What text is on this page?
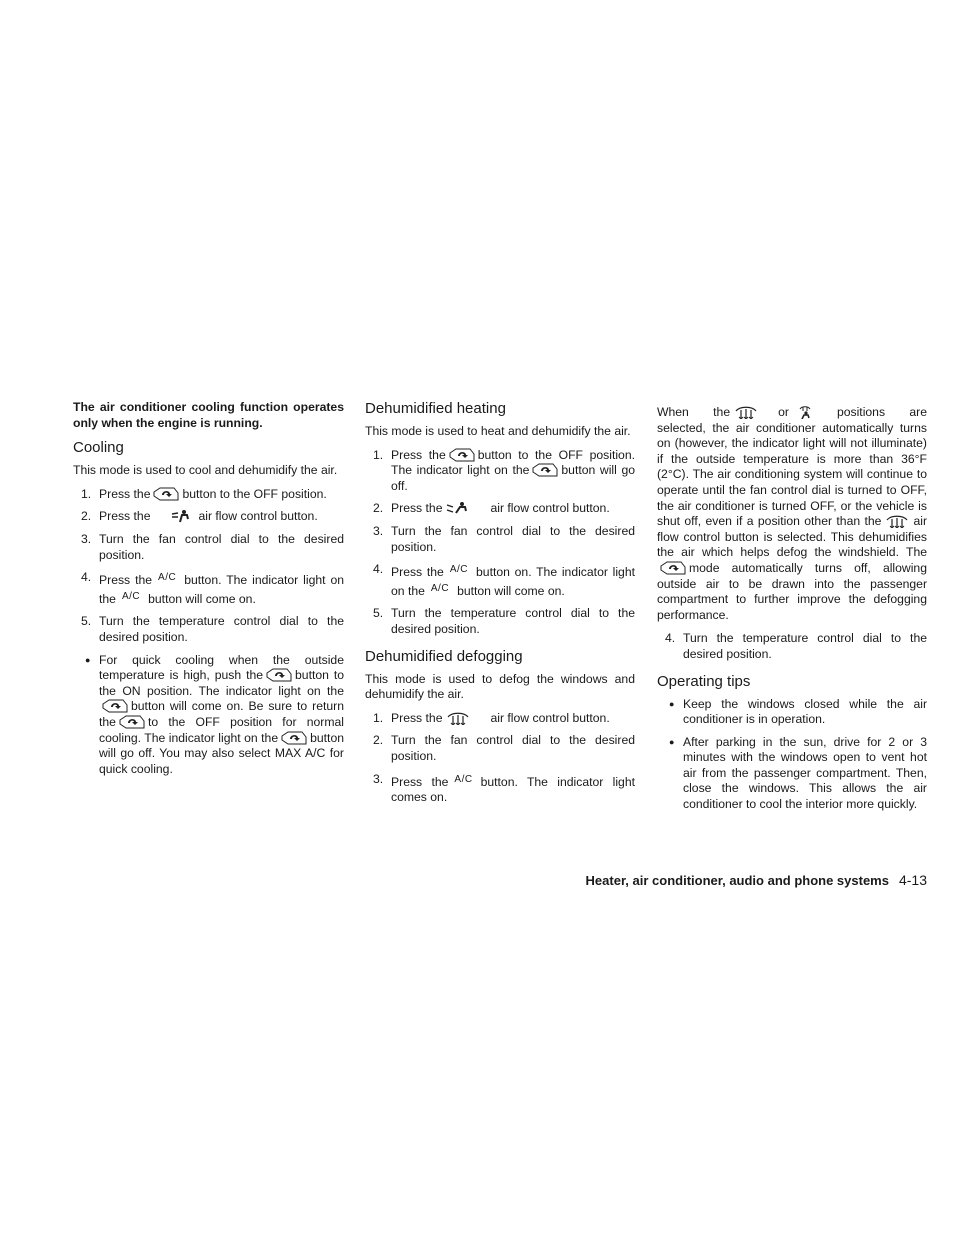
The air conditioner cooling function operates only when the engine is running.

Cooling

This mode is used to cool and dehumidify the air.

1. Press the	button to the OFF position.
2. Press the	air flow control button.
3. Turn the fan control dial to the desired position.
4. Press the A/C button. The indicator light on the A/C button will come on.
5. Turn the temperature control dial to the desired position.
● For quick cooling when the outside temperature is high, push the	button to the ON position. The indicator light on the
button will come on. Be sure to return the	to the OFF position for normal cooling. The indicator light on the	button will go off. You may also select MAX A/C for quick cooling.
Dehumidified heating

This mode is used to heat and dehumidify the air.

1. Press the	button to the OFF position. The indicator light on the	button will go off.
2. Press the	air flow control button.
3. Turn the fan control dial to the desired position.
4. Press the A/C button on. The indicator light on the A/C button will come on.
5. Turn the temperature control dial to the desired position.
Dehumidified defogging

This mode is used to defog the windows and dehumidify the air.

1. Press the	air flow control button.
2. Turn the fan control dial to the desired position.
3. Press the A/C button. The indicator light comes on.

When the	or	positions are selected, the air conditioner automatically turns on (however, the indicator light will not illuminate) if the outside temperature is more than 36°F (2°C). The air conditioning system will continue to operate until the fan control dial is turned to OFF, the air conditioner is turned OFF, or the vehicle is shut off, even if a position other than the	air flow control button is selected. This dehumidifies the air which helps defog the windshield. The
mode automatically turns off, allowing outside air to be drawn into the passenger compartment to further improve the defogging performance.

4. Turn the temperature control dial to the desired position.
Operating tips
● Keep the windows closed while the air conditioner is in operation.
● After parking in the sun, drive for 2 or 3 minutes with the windows open to vent hot air from the passenger compartment. Then, close the windows. This allows the air conditioner to cool the interior more quickly.
Heater, air conditioner, audio and phone systems 4-13
